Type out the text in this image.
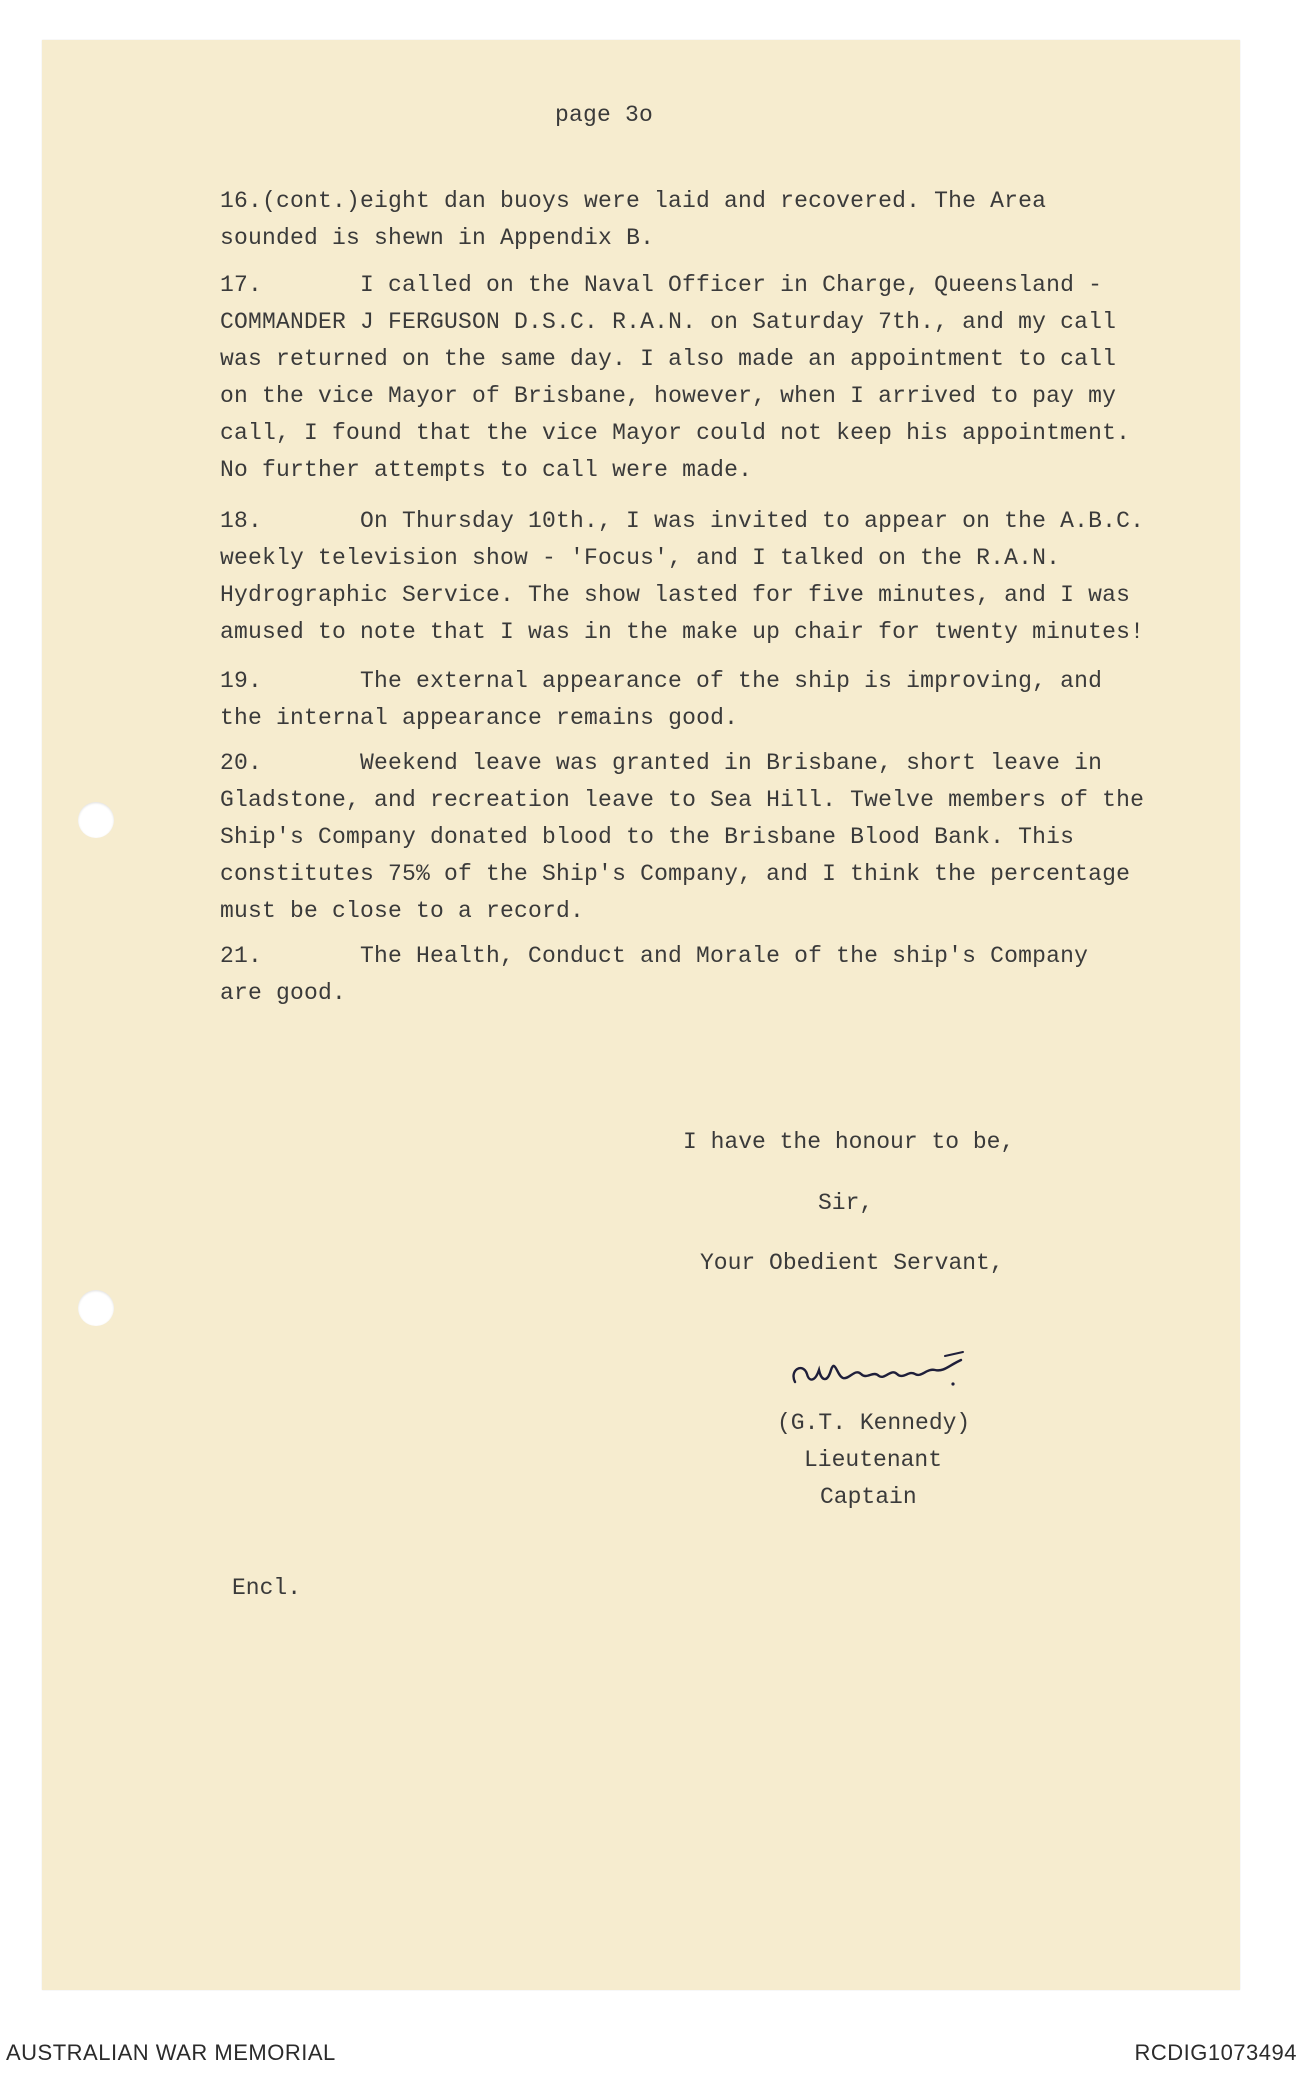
page 3o
16.(cont.)eight dan buoys were laid and recovered. The Area
sounded is shewn in Appendix B.
17.	I called on the Naval Officer in Charge, Queensland -
COMMANDER J FERGUSON D.S.C. R.A.N. on Saturday 7th., and my call
was returned on the same day. I also made an appointment to call
on the vice Mayor of Brisbane, however, when I arrived to pay my
call, I found that the vice Mayor could not keep his appointment.
No further attempts to call were made.
18.	On Thursday 10th., I was invited to appear on the A.B.C.
weekly television show - 'Focus', and I talked on the R.A.N.
Hydrographic Service. The show lasted for five minutes, and I was
amused to note that I was in the make up chair for twenty minutes!
19.	The external appearance of the ship is improving, and
the internal appearance remains good.
20.	Weekend leave was granted in Brisbane, short leave in
Gladstone, and recreation leave to Sea Hill. Twelve members of the
Ship's Company donated blood to the Brisbane Blood Bank. This
constitutes 75% of the Ship's Company, and I think the percentage
must be close to a record.
21.	The Health, Conduct and Morale of the ship's Company
are good.
I have the honour to be,
Sir,
Your Obedient Servant,
(G.T. Kennedy)
Lieutenant
Captain
Encl.
AUSTRALIAN WAR MEMORIAL	RCDIG1073494
